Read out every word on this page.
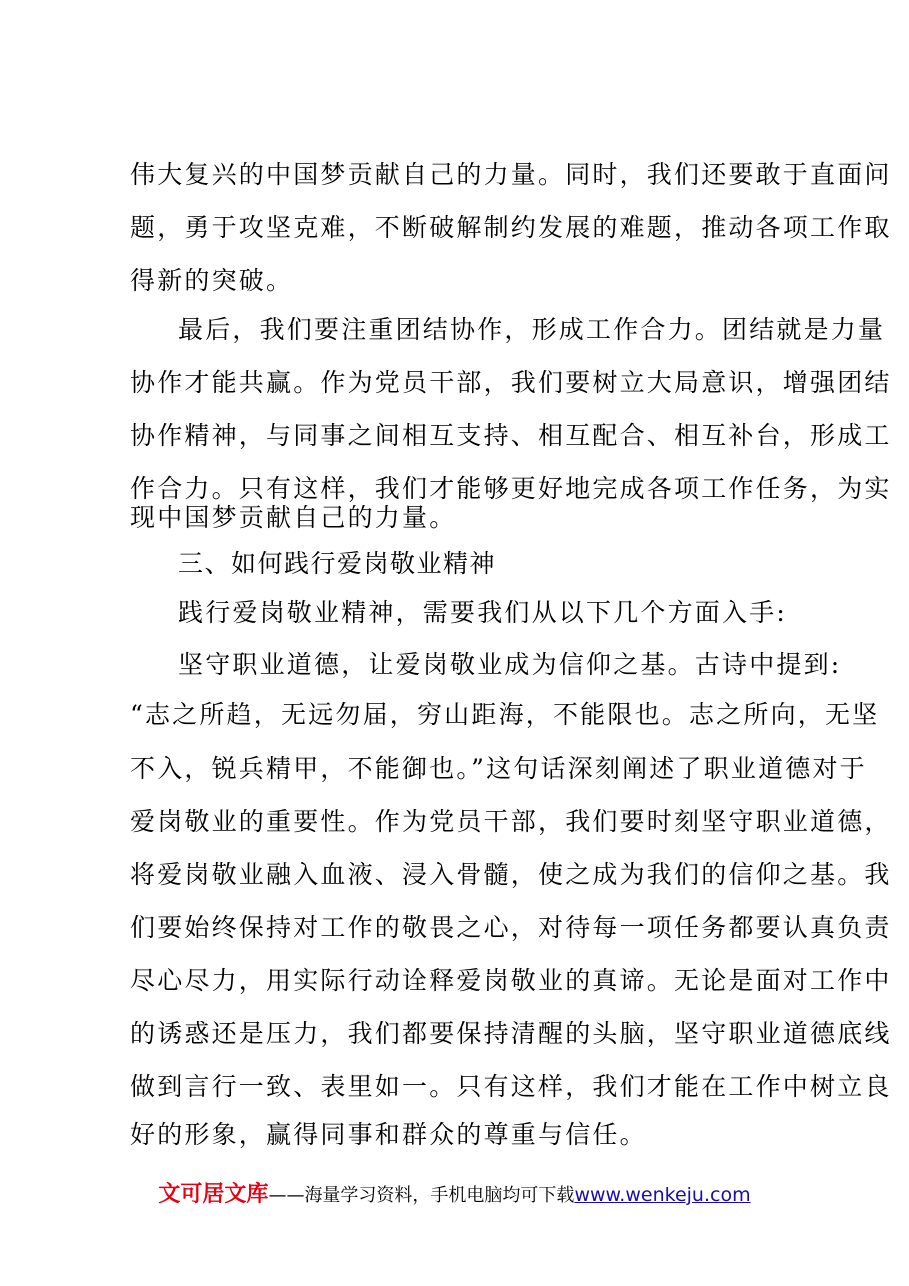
伟大复兴的中国梦贡献自己的力量。同时，我们还要敢于直面问
题，勇于攻坚克难，不断破解制约发展的难题，推动各项工作取
得新的突破。
最后，我们要注重团结协作，形成工作合力。团结就是力量
协作才能共赢。作为党员干部，我们要树立大局意识，增强团结
协作精神，与同事之间相互支持、相互配合、相互补台，形成工
作合力。只有这样，我们才能够更好地完成各项工作任务，为实
现中国梦贡献自己的力量。
三、如何践行爱岗敬业精神
践行爱岗敬业精神，需要我们从以下几个方面入手:
坚守职业道德，让爱岗敬业成为信仰之基。古诗中提到:
“志之所趋，无远勿届，穷山距海，不能限也。志之所向，无坚
不入，锐兵精甲，不能御也。”这句话深刻阐述了职业道德对于
爱岗敬业的重要性。作为党员干部，我们要时刻坚守职业道德，
将爱岗敬业融入血液、浸入骨髓，使之成为我们的信仰之基。我
们要始终保持对工作的敬畏之心，对待每一项任务都要认真负责
尽心尽力，用实际行动诠释爱岗敬业的真谛。无论是面对工作中
的诱惑还是压力，我们都要保持清醒的头脑，坚守职业道德底线
做到言行一致、表里如一。只有这样，我们才能在工作中树立良
好的形象，赢得同事和群众的尊重与信任。
文可居文库——海量学习资料，手机电脑均可下载www.wenkeju.com
